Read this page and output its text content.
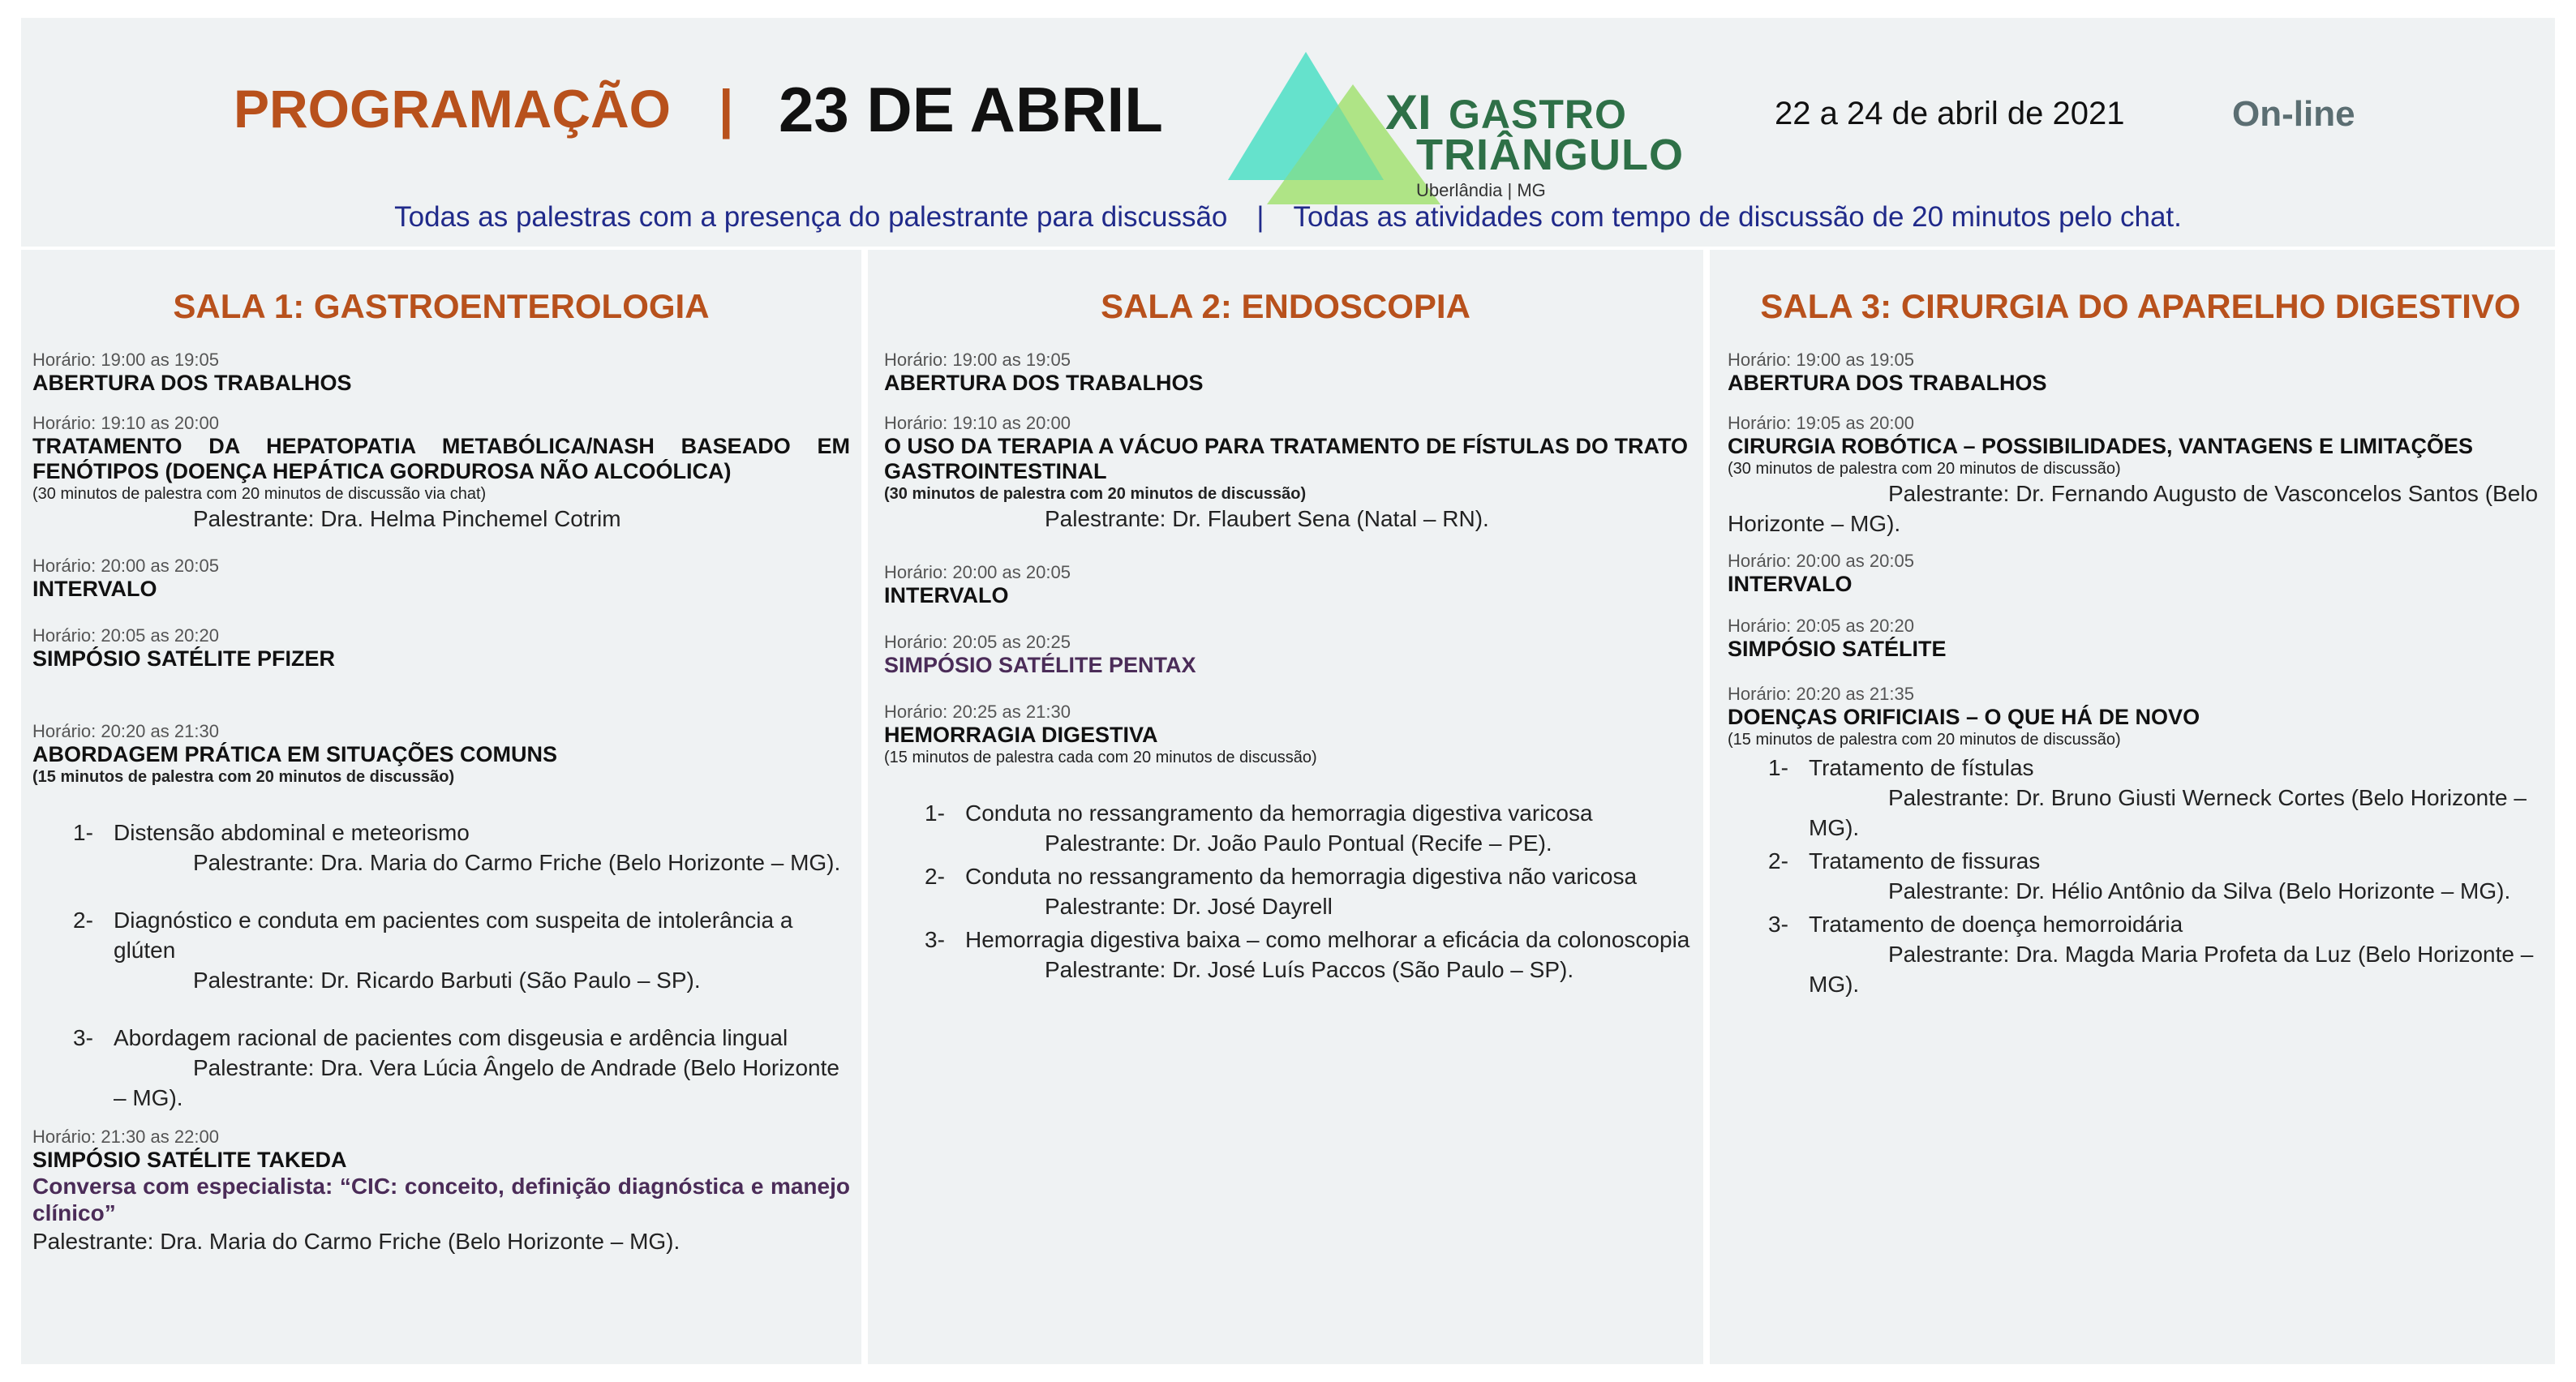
PROGRAMAÇÃO | 23 DE ABRIL	XI GASTRO
TRIÂNGULO
Uberlândia | MG
22 a 24 de abril de 2021	On-line
Todas as palestras com a presença do palestrante para discussão | Todas as atividades com tempo de discussão de 20 minutos pelo chat.
SALA 1: GASTROENTEROLOGIA
Horário: 19:00 as 19:05
ABERTURA DOS TRABALHOS
Horário: 19:10 as 20:00
TRATAMENTO DA HEPATOPATIA METABÓLICA/NASH BASEADO EM FENÓTIPOS (DOENÇA HEPÁTICA GORDUROSA NÃO ALCOÓLICA)
(30 minutos de palestra com 20 minutos de discussão via chat)
Palestrante: Dra. Helma Pinchemel Cotrim
Horário: 20:00 as 20:05
INTERVALO
Horário: 20:05 as 20:20
SIMPÓSIO SATÉLITE PFIZER
Horário: 20:20 as 21:30
ABORDAGEM PRÁTICA EM SITUAÇÕES COMUNS
(15 minutos de palestra com 20 minutos de discussão)
1- Distensão abdominal e meteorismo
Palestrante: Dra. Maria do Carmo Friche (Belo Horizonte – MG).
2- Diagnóstico e conduta em pacientes com suspeita de intolerância a glúten
Palestrante: Dr. Ricardo Barbuti (São Paulo – SP).
3- Abordagem racional de pacientes com disgeusia e ardência lingual
Palestrante: Dra. Vera Lúcia Ângelo de Andrade (Belo Horizonte – MG).
Horário: 21:30 as 22:00
SIMPÓSIO SATÉLITE TAKEDA
Conversa com especialista: “CIC: conceito, definição diagnóstica e manejo clínico”
Palestrante: Dra. Maria do Carmo Friche (Belo Horizonte – MG).
SALA 2: ENDOSCOPIA
Horário: 19:00 as 19:05
ABERTURA DOS TRABALHOS
Horário: 19:10 as 20:00
O USO DA TERAPIA A VÁCUO PARA TRATAMENTO DE FÍSTULAS DO TRATO GASTROINTESTINAL
(30 minutos de palestra com 20 minutos de discussão)
Palestrante: Dr. Flaubert Sena (Natal – RN).
Horário: 20:00 as 20:05
INTERVALO
Horário: 20:05 as 20:25
SIMPÓSIO SATÉLITE PENTAX
Horário: 20:25 as 21:30
HEMORRAGIA DIGESTIVA
(15 minutos de palestra cada com 20 minutos de discussão)
1- Conduta no ressangramento da hemorragia digestiva varicosa
Palestrante: Dr. João Paulo Pontual (Recife – PE).
2- Conduta no ressangramento da hemorragia digestiva não varicosa
Palestrante: Dr. José Dayrell
3- Hemorragia digestiva baixa – como melhorar a eficácia da colonoscopia
Palestrante: Dr. José Luís Paccos (São Paulo – SP).
SALA 3: CIRURGIA DO APARELHO DIGESTIVO
Horário: 19:00 as 19:05
ABERTURA DOS TRABALHOS
Horário: 19:05 as 20:00
CIRURGIA ROBÓTICA – POSSIBILIDADES, VANTAGENS E LIMITAÇÕES
(30 minutos de palestra com 20 minutos de discussão)
Palestrante: Dr. Fernando Augusto de Vasconcelos Santos (Belo Horizonte – MG).
Horário: 20:00 as 20:05
INTERVALO
Horário: 20:05 as 20:20
SIMPÓSIO SATÉLITE
Horário: 20:20 as 21:35
DOENÇAS ORIFICIAIS – O QUE HÁ DE NOVO
(15 minutos de palestra com 20 minutos de discussão)
1- Tratamento de fístulas
Palestrante: Dr. Bruno Giusti Werneck Cortes (Belo Horizonte – MG).
2- Tratamento de fissuras
Palestrante: Dr. Hélio Antônio da Silva (Belo Horizonte – MG).
3- Tratamento de doença hemorroidária
Palestrante: Dra. Magda Maria Profeta da Luz (Belo Horizonte – MG).
